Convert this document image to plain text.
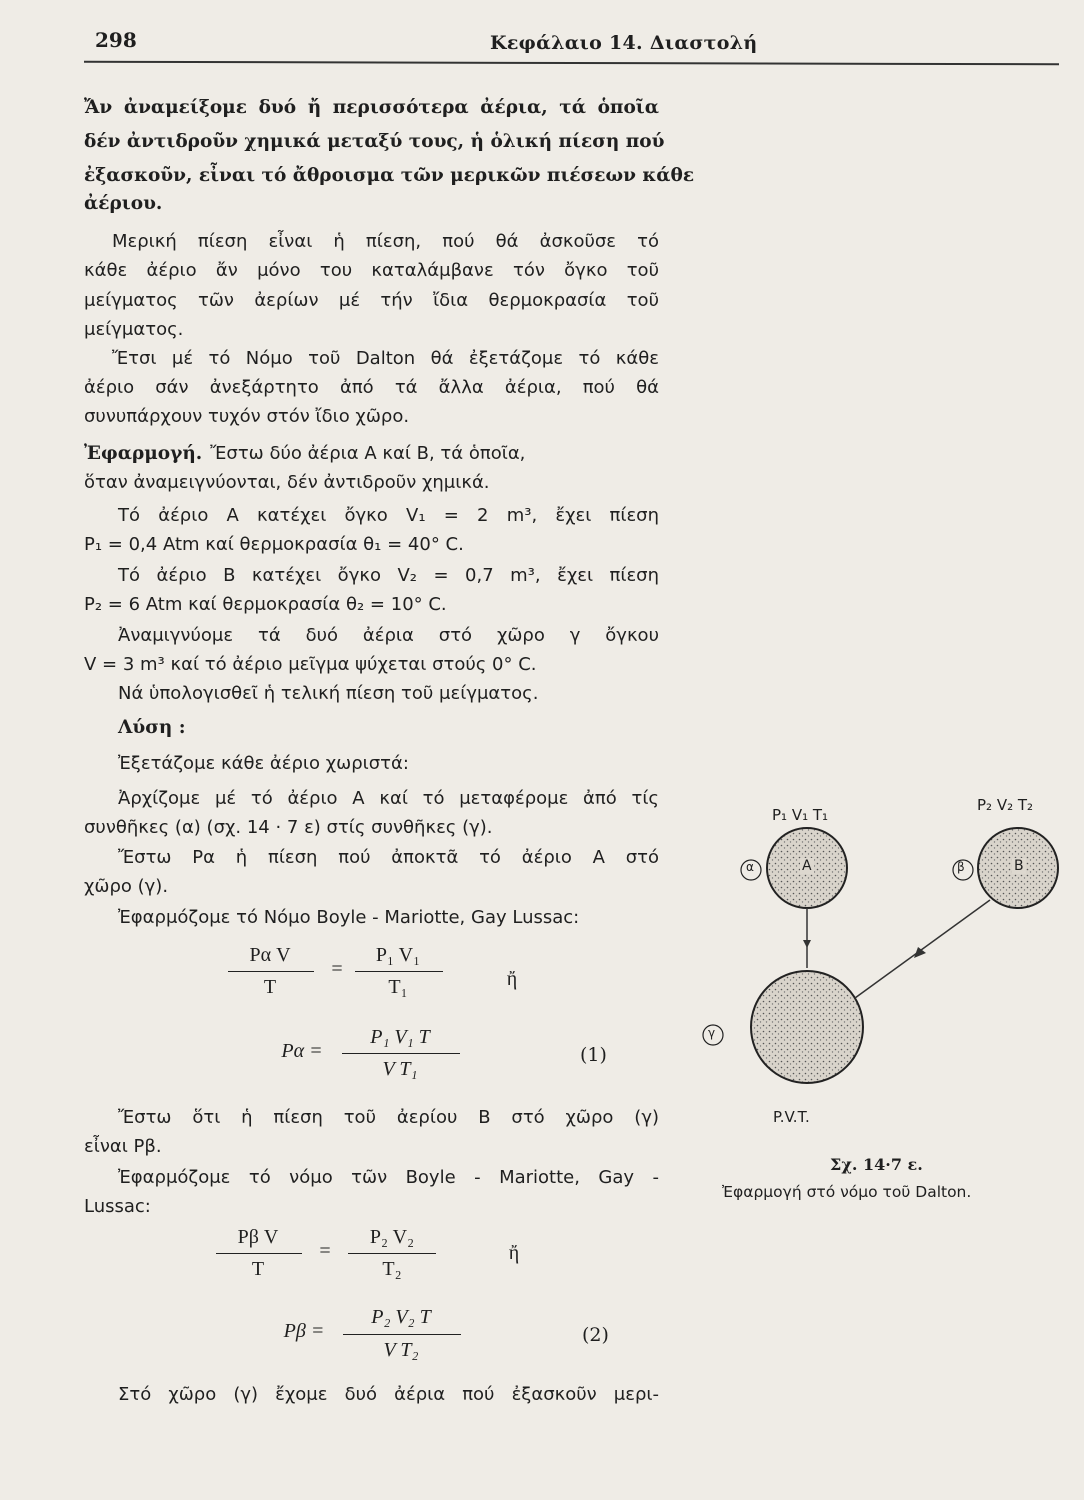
298	Κεφάλαιο 14. Διαστολή
Ἄν ἀναμείξομε δυό ἤ περισσότερα ἀέρια, τά ὁποῖα
δέν ἀντιδροῦν χημικά μεταξύ τους, ἡ ὁλική πίεση πού
ἐξασκοῦν, εἶναι τό ἄθροισμα τῶν μερικῶν πιέσεων κάθε
ἀέριου.
Μερική πίεση εἶναι ἡ πίεση, πού θά ἀσκοῦσε τό
κάθε ἀέριο ἄν μόνο του καταλάμβανε τόν ὄγκο τοῦ
μείγματος τῶν ἀερίων μέ τήν ἴδια θερμοκρασία τοῦ
μείγματος.
Ἔτσι μέ τό Νόμο τοῦ Dalton θά ἐξετάζομε τό κάθε
ἀέριο σάν ἀνεξάρτητο ἀπό τά ἄλλα ἀέρια, πού θά
συνυπάρχουν τυχόν στόν ἴδιο χῶρο.
Ἐφαρμογή. Ἔστω δύο ἀέρια Α καί Β, τά ὁποῖα,
ὅταν ἀναμειγνύονται, δέν ἀντιδροῦν χημικά.
Τό ἀέριο Α κατέχει ὄγκο V₁ = 2 m³, ἔχει πίεση
P₁ = 0,4 Atm καί θερμοκρασία θ₁ = 40° C.
Τό ἀέριο Β κατέχει ὄγκο V₂ = 0,7 m³, ἔχει πίεση
P₂ = 6 Atm καί θερμοκρασία θ₂ = 10° C.
Ἀναμιγνύομε τά δυό ἀέρια στό χῶρο γ ὄγκου
V = 3 m³ καί τό ἀέριο μεῖγμα ψύχεται στούς 0° C.
Νά ὑπολογισθεῖ ἡ τελική πίεση τοῦ μείγματος.
Λύση :
Ἐξετάζομε κάθε ἀέριο χωριστά:
Ἀρχίζομε μέ τό ἀέριο Α καί τό μεταφέρομε ἀπό τίς
συνθῆκες (α) (σχ. 14 · 7 ε) στίς συνθῆκες (γ).
Ἔστω Pα ἡ πίεση πού ἀποκτᾶ τό ἀέριο Α στό
χῶρο (γ).
Ἐφαρμόζομε τό Νόμο Boyle - Mariotte, Gay Lussac:
Pα V
T
=
P₁ V₁
T₁	ἤ
Pα =
P₁ V₁ T
V T₁
(1)
Ἔστω ὅτι ἡ πίεση τοῦ ἀερίου Β στό χῶρο (γ)
εἶναι Pβ.
Ἐφαρμόζομε τό νόμο τῶν Boyle - Mariotte, Gay -
Lussac:
Pβ V
T
=
P₂ V₂
T₂
ἤ
Pβ =
P₂ V₂ T
V T₂
(2)
Στό χῶρο (γ) ἔχομε δυό ἀέρια πού ἐξασκοῦν μερι-
P₁ V₁ T₁
P₂ V₂ T₂
Α	Β
α	β
γ
P.V.T.
Σχ. 14·7 ε.
Ἐφαρμογή στό νόμο τοῦ Dalton.
